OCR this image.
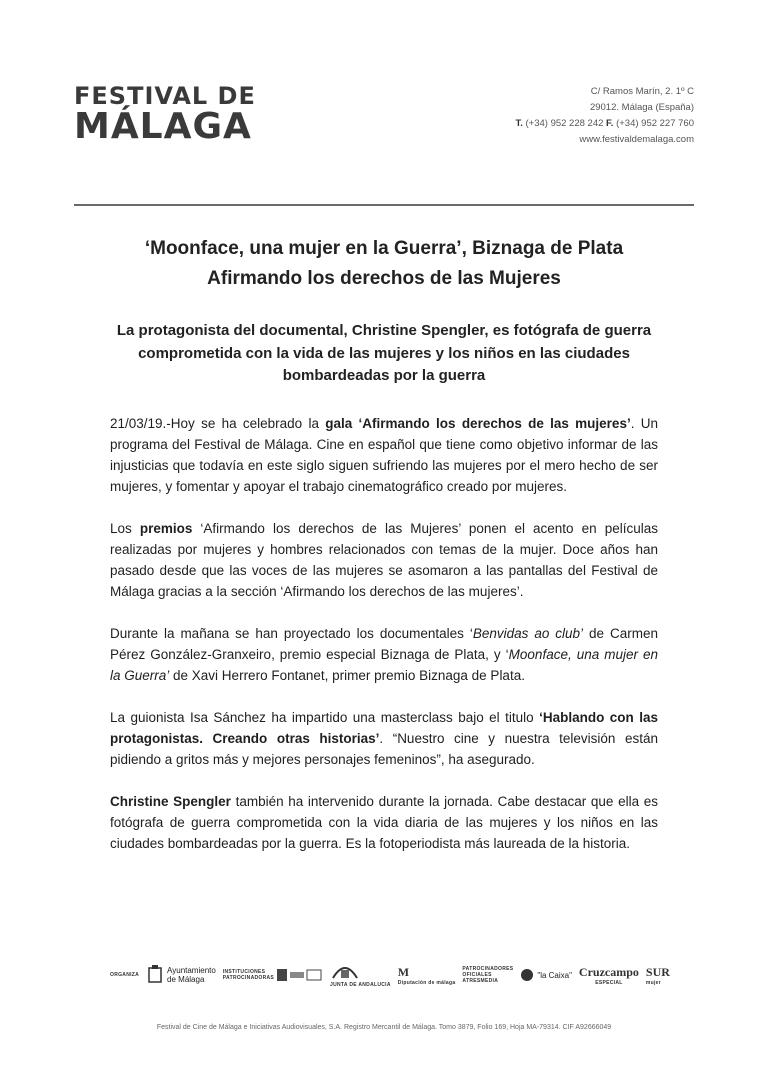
FESTIVAL DE
MÁLAGA
C/ Ramos Marín, 2. 1º C
29012. Málaga (España)
T. (+34) 952 228 242 F. (+34) 952 227 760
www.festivaldemalaga.com
‘Moonface, una mujer en la Guerra’, Biznaga de Plata
Afirmando los derechos de las Mujeres
La protagonista del documental, Christine Spengler, es fotógrafa de guerra comprometida con la vida de las mujeres y los niños en las ciudades bombardeadas por la guerra

21/03/19.-Hoy se ha celebrado la gala ‘Afirmando los derechos de las mujeres’. Un programa del Festival de Málaga. Cine en español que tiene como objetivo informar de las injusticias que todavía en este siglo siguen sufriendo las mujeres por el mero hecho de ser mujeres, y fomentar y apoyar el trabajo cinematográfico creado por mujeres.

Los premios ‘Afirmando los derechos de las Mujeres’ ponen el acento en películas realizadas por mujeres y hombres relacionados con temas de la mujer. Doce años han pasado desde que las voces de las mujeres se asomaron a las pantallas del Festival de Málaga gracias a la sección ‘Afirmando los derechos de las mujeres’.

Durante la mañana se han proyectado los documentales ‘Benvidas ao club’ de Carmen Pérez González-Granxeiro, premio especial Biznaga de Plata, y ‘Moonface, una mujer en la Guerra’ de Xavi Herrero Fontanet, primer premio Biznaga de Plata.

La guionista Isa Sánchez ha impartido una masterclass bajo el titulo ‘Hablando con las protagonistas. Creando otras historias’. “Nuestro cine y nuestra televisión están pidiendo a gritos más y mejores personajes femeninos”, ha asegurado.

Christine Spengler también ha intervenido durante la jornada. Cabe destacar que ella es fotógrafa de guerra comprometida con la vida diaria de las mujeres y los niños en las ciudades bombardeadas por la guerra. Es la fotoperiodista más laureada de la historia.

ORGANIZA	Ayuntamiento
de Málaga
INSTITUCIONES
PATROCINADORAS
JUNTA DE ANDALUCIA
M
Diputación de málaga
PATROCINADORES
OFICIALES
ATRESMEDIA
"la Caixa" Cruzcampo
ESPECIAL
SUR
mujer
Festival de Cine de Málaga e Iniciativas Audiovisuales, S.A. Registro Mercantil de Málaga. Tomo 3879, Folio 169, Hoja MA-79314. CIF A92666049
